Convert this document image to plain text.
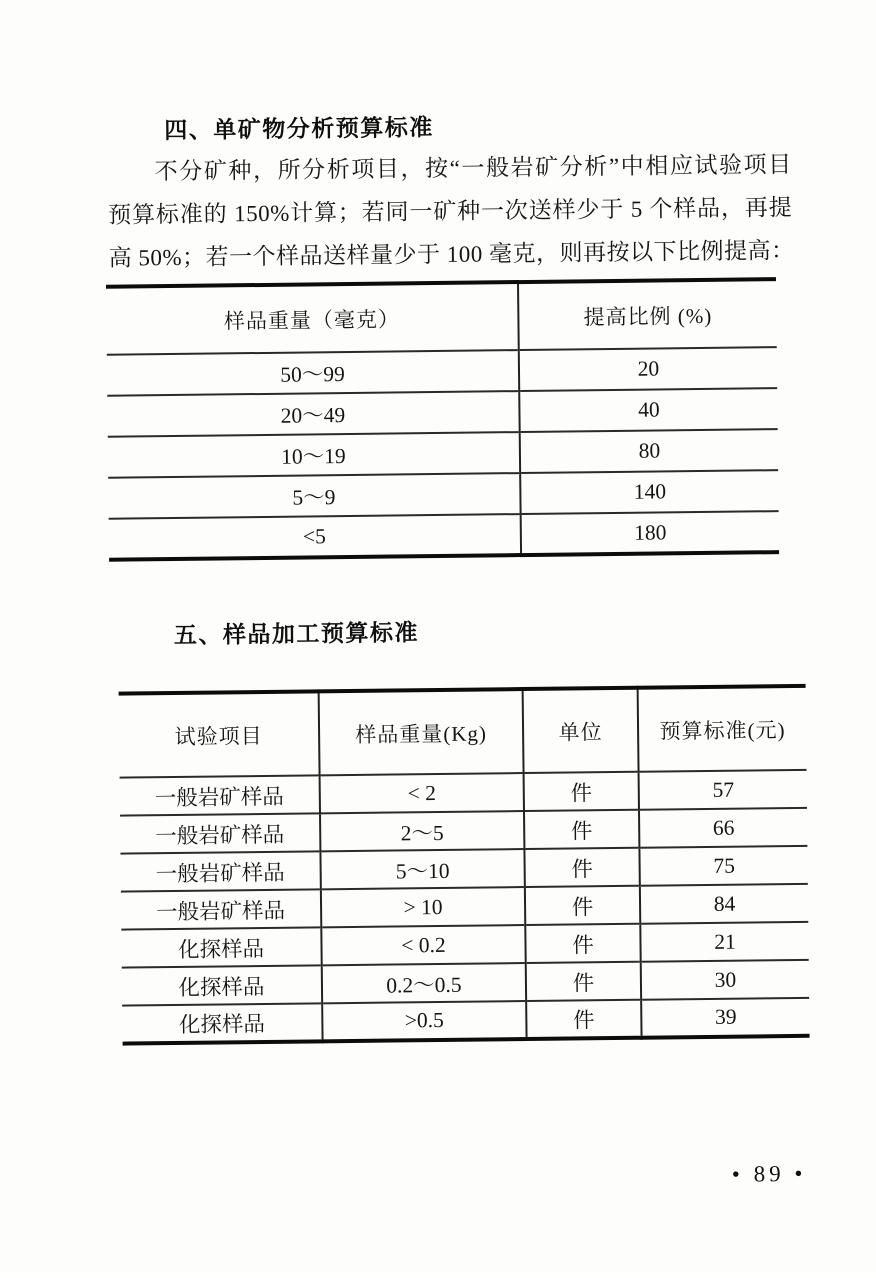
四、单矿物分析预算标准
不分矿种，所分析项目，按“一般岩矿分析”中相应试验项目
预算标准的 150%计算；若同一矿种一次送样少于 5 个样品，再提
高 50%；若一个样品送样量少于 100 毫克，则再按以下比例提高：
样品重量（毫克）	提高比例 (%)
50～99	20
20～49	40
10～19	80
5～9	140
<5	180
五、样品加工预算标准
试验项目	样品重量(Kg)	单位	预算标准(元)
一般岩矿样品	< 2	件	57
一般岩矿样品	2～5	件	66
一般岩矿样品	5～10	件	75
一般岩矿样品	> 10	件	84
化探样品	< 0.2	件	21
化探样品	0.2～0.5	件	30
化探样品	>0.5	件	39
• 89 •
